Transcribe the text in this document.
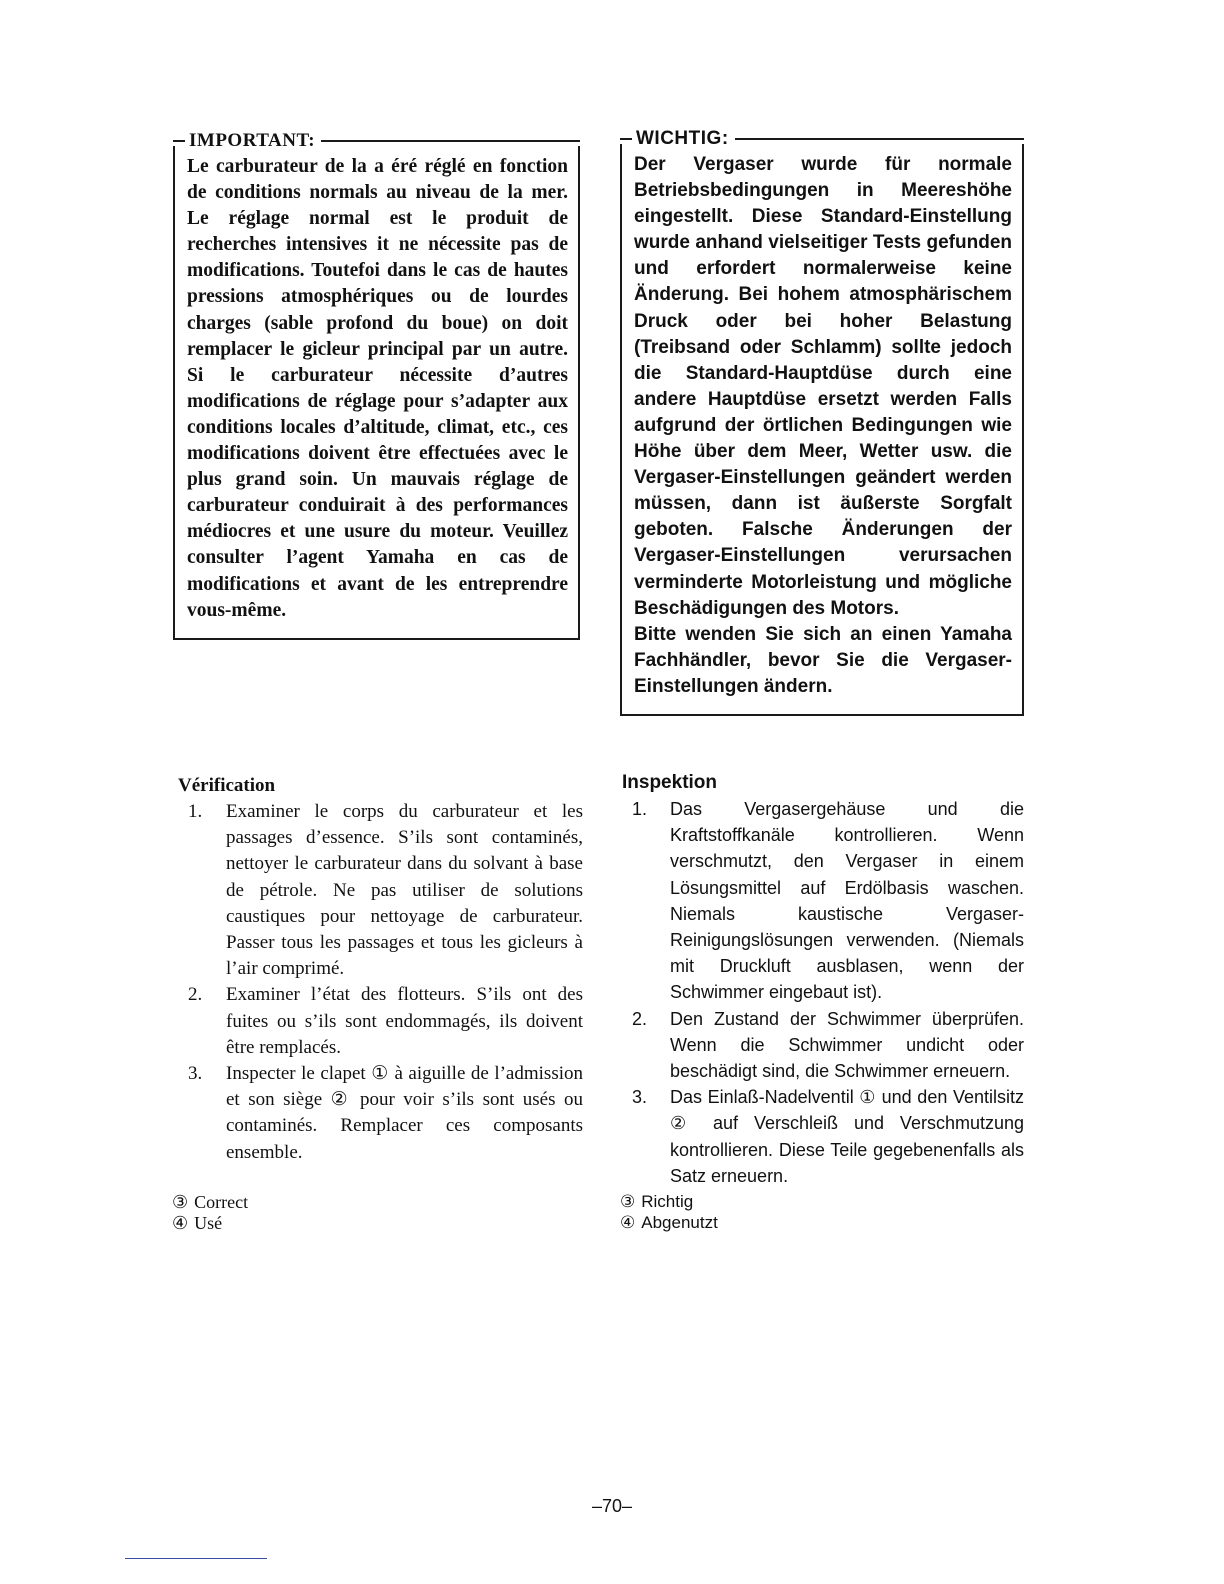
IMPORTANT:
Le carburateur de la a éré réglé en fonction de conditions normals au niveau de la mer. Le réglage normal est le produit de recherches intensives it ne nécessite pas de modifications. Toutefoi dans le cas de hautes pressions atmosphériques ou de lourdes charges (sable profond du boue) on doit remplacer le gicleur principal par un autre. Si le carburateur nécessite d’autres modifications de réglage pour s’adapter aux conditions locales d’altitude, climat, etc., ces modifications doivent être effectuées avec le plus grand soin. Un mauvais réglage de carburateur conduirait à des performances médiocres et une usure du moteur. Veuillez consulter l’agent Yamaha en cas de modifications et avant de les entreprendre vous-même.
WICHTIG:
Der Vergaser wurde für normale Betriebsbedingungen in Meereshöhe eingestellt. Diese Standard-Einstellung wurde anhand vielseitiger Tests gefunden und erfordert normalerweise keine Änderung. Bei hohem atmosphärischem Druck oder bei hoher Belastung (Treibsand oder Schlamm) sollte jedoch die Standard-Hauptdüse durch eine andere Hauptdüse ersetzt werden Falls aufgrund der örtlichen Bedingungen wie Höhe über dem Meer, Wetter usw. die Vergaser-Einstellungen geändert werden müssen, dann ist äußerste Sorgfalt geboten. Falsche Änderungen der Vergaser-Einstellungen verursachen verminderte Motorleistung und mögliche Beschädigungen des Motors.
Bitte wenden Sie sich an einen Yamaha Fachhändler, bevor Sie die Vergaser-Einstellungen ändern.
Vérification
1. Examiner le corps du carburateur et les passages d’essence. S’ils sont contaminés, nettoyer le carburateur dans du solvant à base de pétrole. Ne pas utiliser de solutions caustiques pour nettoyage de carburateur. Passer tous les passages et tous les gicleurs à l’air comprimé.
2. Examiner l’état des flotteurs. S’ils ont des fuites ou s’ils sont endommagés, ils doivent être remplacés.
3. Inspecter le clapet ① à aiguille de l’admission et son siège ② pour voir s’ils sont usés ou contaminés. Remplacer ces composants ensemble.
Inspektion
1. Das Vergasergehäuse und die Kraftstoffkanäle kontrollieren. Wenn verschmutzt, den Vergaser in einem Lösungsmittel auf Erdölbasis waschen. Niemals kaustische Vergaser-Reinigungslösungen verwenden. (Niemals mit Druckluft ausblasen, wenn der Schwimmer eingebaut ist).
2. Den Zustand der Schwimmer überprüfen. Wenn die Schwimmer undicht oder beschädigt sind, die Schwimmer erneuern.
3. Das Einlaß-Nadelventil ① und den Ventilsitz ② auf Verschleiß und Verschmutzung kontrollieren. Diese Teile gegebenenfalls als Satz erneuern.
③ Correct
④ Usé
③ Richtig
④ Abgenutzt
–70–
